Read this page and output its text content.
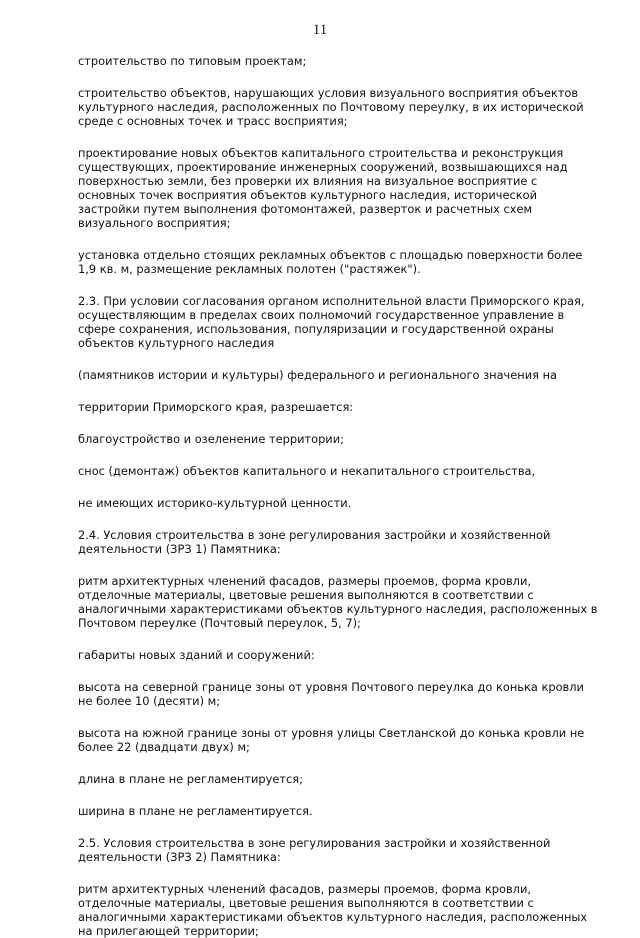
11

строительство по типовым проектам;

строительство объектов, нарушающих условия визуального восприятия объектов культурного наследия, расположенных по Почтовому переулку, в их исторической среде с основных точек и трасс восприятия;

проектирование новых объектов капитального строительства и реконструкция существующих, проектирование инженерных сооружений, возвышающихся над поверхностью земли, без проверки их влияния на визуальное восприятие с основных точек восприятия объектов культурного наследия, исторической застройки путем выполнения фотомонтажей, разверток и расчетных схем визуального восприятия;

установка отдельно стоящих рекламных объектов с площадью поверхности более 1,9 кв. м, размещение рекламных полотен ("растяжек").

2.3. При условии согласования органом исполнительной власти Приморского края, осуществляющим в пределах своих полномочий государственное управление в сфере сохранения, использования, популяризации и государственной охраны объектов культурного наследия

(памятников истории и культуры) федерального и регионального значения на

территории Приморского края, разрешается:

благоустройство и озеленение территории;

снос (демонтаж) объектов капитального и некапитального строительства,

не имеющих историко-культурной ценности.

2.4. Условия строительства в зоне регулирования застройки и хозяйственной деятельности (ЗРЗ 1) Памятника:

ритм архитектурных членений фасадов, размеры проемов, форма кровли, отделочные материалы, цветовые решения выполняются в соответствии с аналогичными характеристиками объектов культурного наследия, расположенных в Почтовом переулке (Почтовый переулок, 5, 7);

габариты новых зданий и сооружений:

высота на северной границе зоны от уровня Почтового переулка до конька кровли не более 10 (десяти) м;

высота на южной границе зоны от уровня улицы Светланской до конька кровли не более 22 (двадцати двух) м;

длина в плане не регламентируется;

ширина в плане не регламентируется.

2.5. Условия строительства в зоне регулирования застройки и хозяйственной деятельности (ЗРЗ 2) Памятника:

ритм архитектурных членений фасадов, размеры проемов, форма кровли, отделочные материалы, цветовые решения выполняются в соответствии с аналогичными характеристиками объектов культурного наследия, расположенных на прилегающей территории;
